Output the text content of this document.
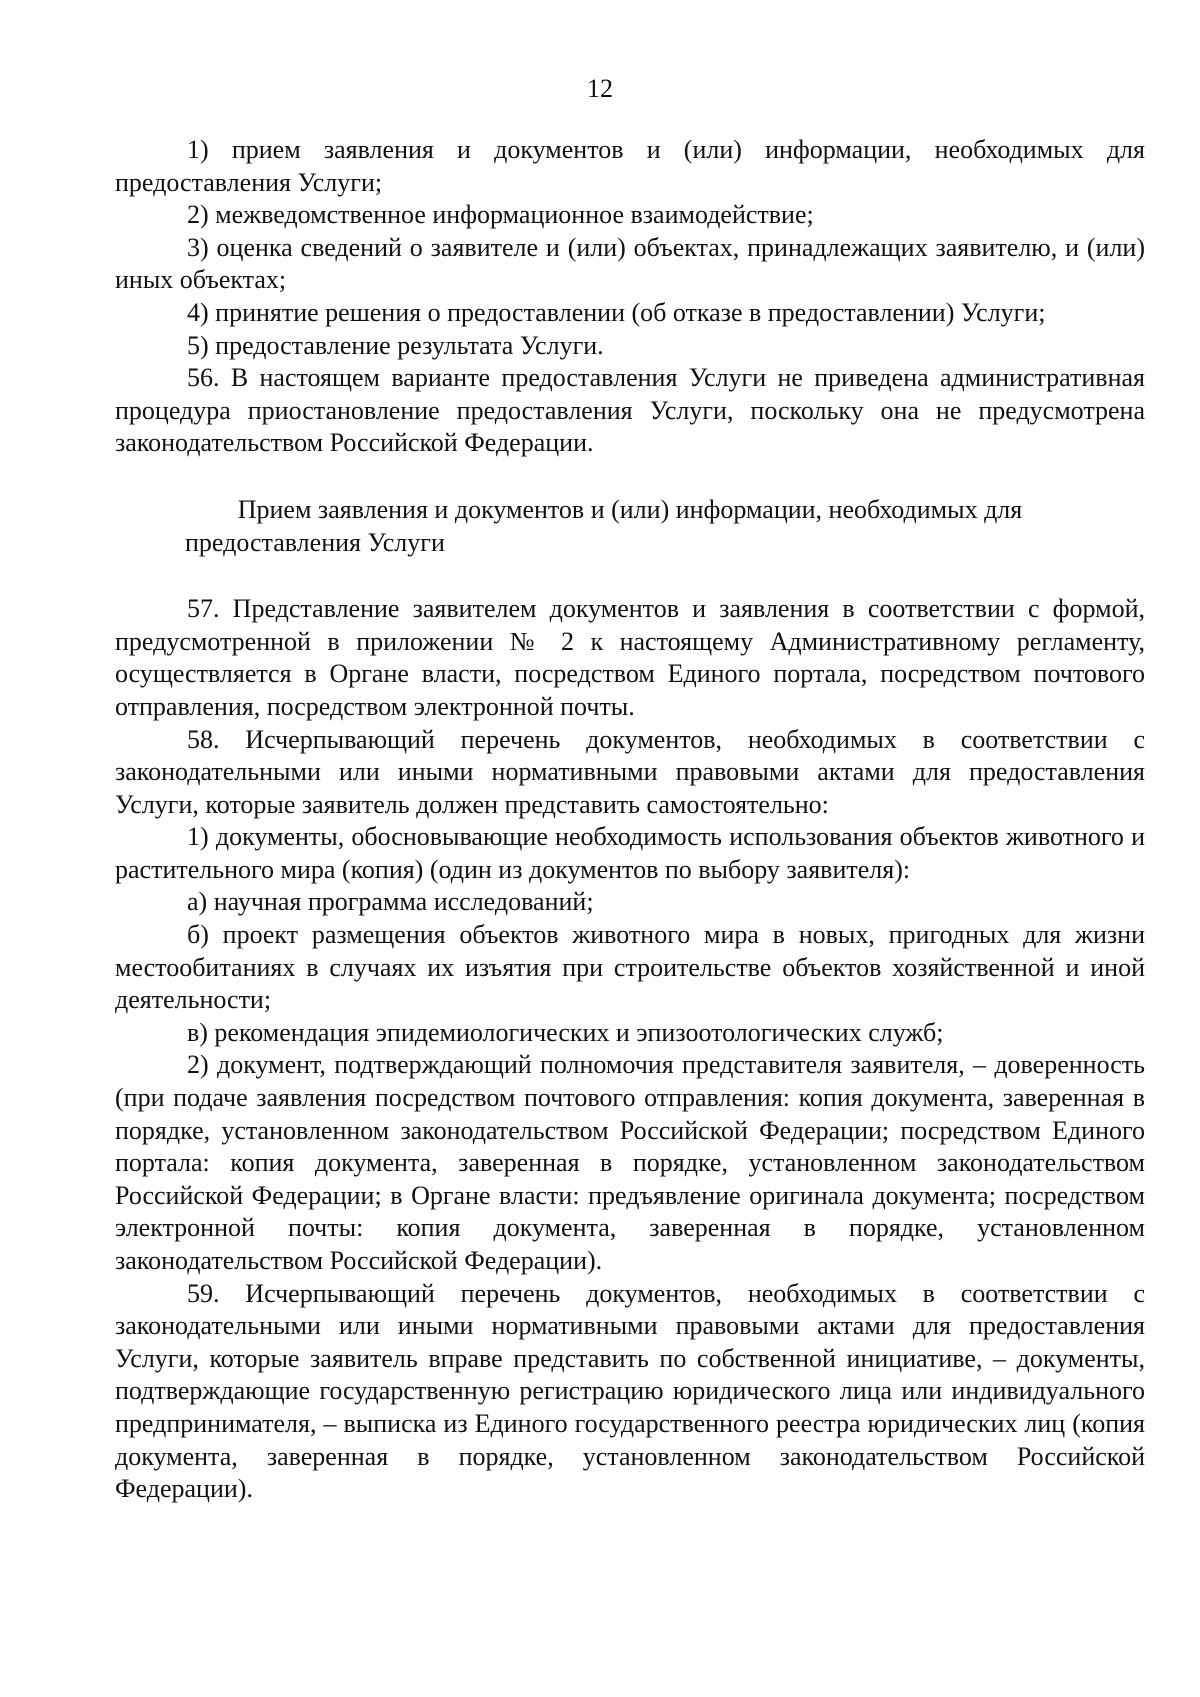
12

1) прием заявления и документов и (или) информации, необходимых для предоставления Услуги;

2) межведомственное информационное взаимодействие;

3) оценка сведений о заявителе и (или) объектах, принадлежащих заявителю, и (или) иных объектах;

4) принятие решения о предоставлении (об отказе в предоставлении) Услуги;

5) предоставление результата Услуги.

56. В настоящем варианте предоставления Услуги не приведена административная процедура приостановление предоставления Услуги, поскольку она не предусмотрена законодательством Российской Федерации.

Прием заявления и документов и (или) информации, необходимых для предоставления Услуги

57. Представление заявителем документов и заявления в соответствии с формой, предусмотренной в приложении № 2 к настоящему Административному регламенту, осуществляется в Органе власти, посредством Единого портала, посредством почтового отправления, посредством электронной почты.

58. Исчерпывающий перечень документов, необходимых в соответствии с законодательными или иными нормативными правовыми актами для предоставления Услуги, которые заявитель должен представить самостоятельно:

1) документы, обосновывающие необходимость использования объектов животного и растительного мира (копия) (один из документов по выбору заявителя):

а) научная программа исследований;

б) проект размещения объектов животного мира в новых, пригодных для жизни местообитаниях в случаях их изъятия при строительстве объектов хозяйственной и иной деятельности;

в) рекомендация эпидемиологических и эпизоотологических служб;

2) документ, подтверждающий полномочия представителя заявителя, – доверенность (при подаче заявления посредством почтового отправления: копия документа, заверенная в порядке, установленном законодательством Российской Федерации; посредством Единого портала: копия документа, заверенная в порядке, установленном законодательством Российской Федерации; в Органе власти: предъявление оригинала документа; посредством электронной почты: копия документа, заверенная в порядке, установленном законодательством Российской Федерации).

59. Исчерпывающий перечень документов, необходимых в соответствии с законодательными или иными нормативными правовыми актами для предоставления Услуги, которые заявитель вправе представить по собственной инициативе, – документы, подтверждающие государственную регистрацию юридического лица или индивидуального предпринимателя, – выписка из Единого государственного реестра юридических лиц (копия документа, заверенная в порядке, установленном законодательством Российской Федерации).
